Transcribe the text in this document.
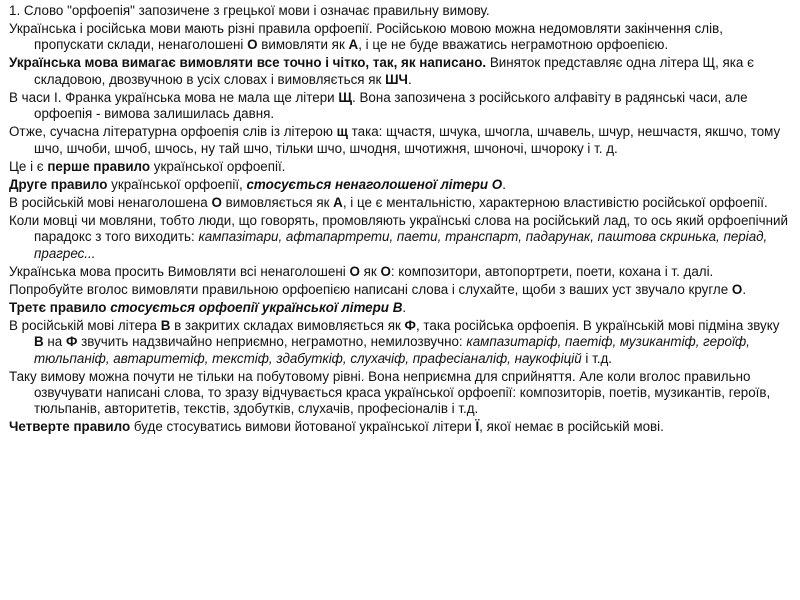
1. Слово "орфоепія" запозичене з грецької мови і означає правильну вимову.

Українська і російська мови мають різні правила орфоепії. Російською мовою можна недомовляти закінчення слів, пропускати склади, ненаголошені О вимовляти як А, і це не буде вважатись неграмотною орфоепією.

Українська мова вимагає вимовляти все точно і чітко, так, як написано. Виняток представляє одна літера Щ, яка є складовою, двозвучною в усіх словах і вимовляється як ШЧ.

В часи І. Франка українська мова не мала ще літери Щ. Вона запозичена з російського алфавіту в радянські часи, але орфоепія - вимова залишилась давня.

Отже, сучасна літературна орфоепія слів із літерою щ така: щчастя, шчука, шчогла, шчавель, шчур, нешчастя, якшчо, тому шчо, шчоби, шчоб, шчось, ну тай шчо, тільки шчо, шчодня, шчотижня, шчоночі, шчороку і т. д.

Це і є перше правило української орфоепії.

Друге правило української орфоепії, стосується ненаголошеної літери О.

В російській мові ненаголошена О вимовляється як А, і це є ментальністю, характерною властивістю російської орфоепії.

Коли мовці чи мовляни, тобто люди, що говорять, промовляють українські слова на російський лад, то ось який орфоепічний парадокс з того виходить: кампазітари, афтапартрети, паети, транспарт, падарунак, паштова скринька, періад, прагрес...

Українська мова просить Вимовляти всі ненаголошені О як О: композитори, автопортрети, поети, кохана і т. далі.

Попробуйте вголос вимовляти правильною орфоепією написані слова і слухайте, щоби з ваших уст звучало кругле О.

Третє правило стосується орфоепії української літери В.

В російській мові літера В в закритих складах вимовляється як Ф, така російська орфоепія. В українській мові підміна звуку В на Ф звучить надзвичайно неприємно, неграмотно, немилозвучно: кампазитаріф, паетіф, музикантіф, героїф, тюльпаніф, автаритетіф, текстіф, здабуткіф, слухачіф, прафесіаналіф, наукофіцій і т.д.

Таку вимову можна почути не тільки на побутовому рівні. Вона неприємна для сприйняття. Але коли вголос правильно озвучувати написані слова, то зразу відчувається краса української орфоепії: композиторів, поетів, музикантів, героїв, тюльпанів, авторитетів, текстів, здобутків, слухачів, професіоналів і т.д.

Четверте правило буде стосуватись вимови йотованої української літери Ї, якої немає в російській мові.
